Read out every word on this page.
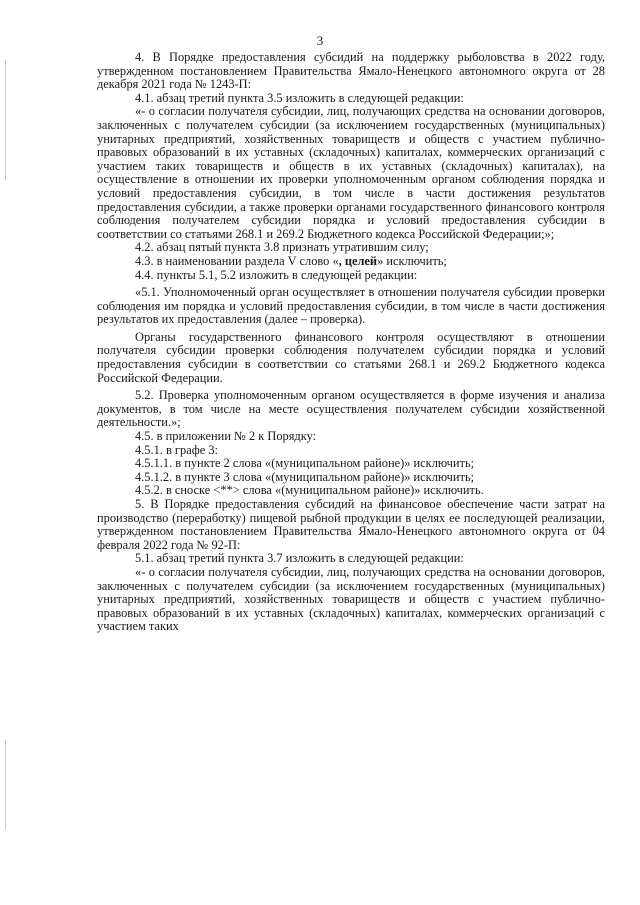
3

4. В Порядке предоставления субсидий на поддержку рыболовства в 2022 году, утвержденном постановлением Правительства Ямало-Ненецкого автономного округа от 28 декабря 2021 года № 1243-П:

4.1. абзац третий пункта 3.5 изложить в следующей редакции:

«- о согласии получателя субсидии, лиц, получающих средства на основании договоров, заключенных с получателем субсидии (за исключением государственных (муниципальных) унитарных предприятий, хозяйственных товариществ и обществ с участием публично-правовых образований в их уставных (складочных) капиталах, коммерческих организаций с участием таких товариществ и обществ в их уставных (складочных) капиталах), на осуществление в отношении их проверки уполномоченным органом соблюдения порядка и условий предоставления субсидии, в том числе в части достижения результатов предоставления субсидии, а также проверки органами государственного финансового контроля соблюдения получателем субсидии порядка и условий предоставления субсидии в соответствии со статьями 268.1 и 269.2 Бюджетного кодекса Российской Федерации;»;

4.2. абзац пятый пункта 3.8 признать утратившим силу;

4.3. в наименовании раздела V слово «, целей» исключить;

4.4. пункты 5.1, 5.2 изложить в следующей редакции:

«5.1. Уполномоченный орган осуществляет в отношении получателя субсидии проверки соблюдения им порядка и условий предоставления субсидии, в том числе в части достижения результатов их предоставления (далее – проверка).

Органы государственного финансового контроля осуществляют в отношении получателя субсидии проверки соблюдения получателем субсидии порядка и условий предоставления субсидии в соответствии со статьями 268.1 и 269.2 Бюджетного кодекса Российской Федерации.

5.2. Проверка уполномоченным органом осуществляется в форме изучения и анализа документов, в том числе на месте осуществления получателем субсидии хозяйственной деятельности.»;

4.5. в приложении № 2 к Порядку:

4.5.1. в графе 3:

4.5.1.1. в пункте 2 слова «(муниципальном районе)» исключить;

4.5.1.2. в пункте 3 слова «(муниципальном районе)» исключить;

4.5.2. в сноске <**> слова «(муниципальном районе)» исключить.

5. В Порядке предоставления субсидий на финансовое обеспечение части затрат на производство (переработку) пищевой рыбной продукции в целях ее последующей реализации, утвержденном постановлением Правительства Ямало-Ненецкого автономного округа от 04 февраля 2022 года № 92-П:

5.1. абзац третий пункта 3.7 изложить в следующей редакции:

«- о согласии получателя субсидии, лиц, получающих средства на основании договоров, заключенных с получателем субсидии (за исключением государственных (муниципальных) унитарных предприятий, хозяйственных товариществ и обществ с участием публично-правовых образований в их уставных (складочных) капиталах, коммерческих организаций с участием таких
